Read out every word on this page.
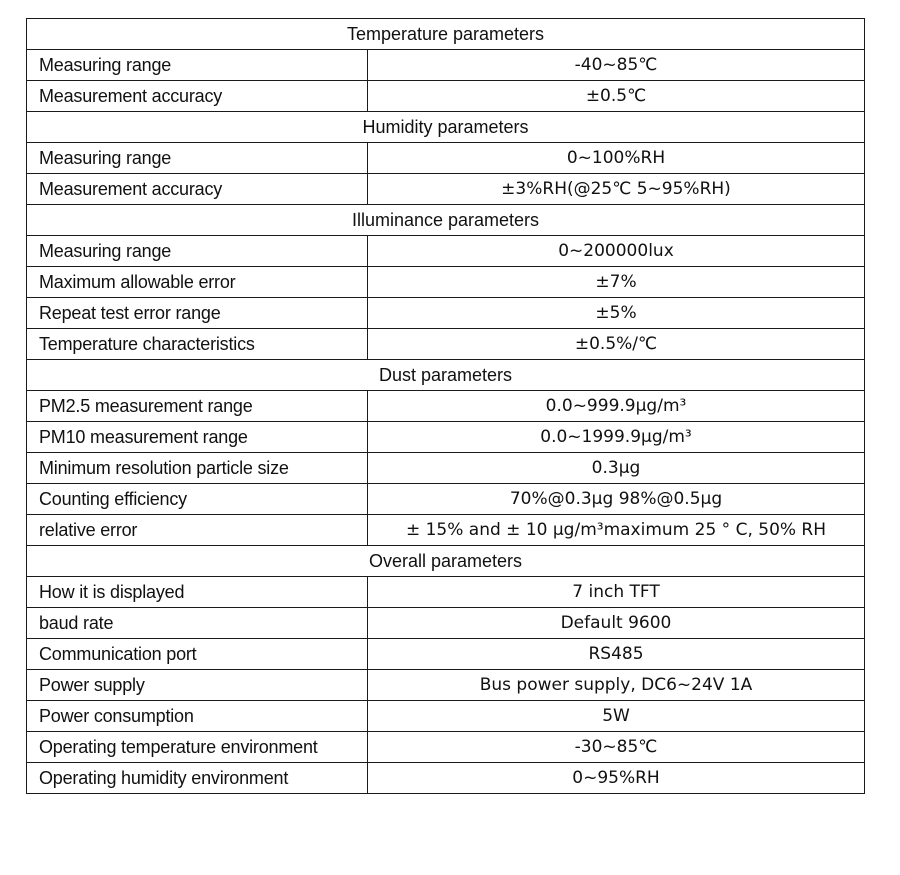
Temperature parameters	
Measuring range	-40~85℃
Measurement accuracy	±0.5℃
Humidity parameters	
Measuring range	0~100%RH
Measurement accuracy	±3%RH(@25℃ 5~95%RH)
Illuminance parameters	
Measuring range	0~200000lux
Maximum allowable error	±7%
Repeat test error range	±5%
Temperature characteristics	±0.5%/℃
Dust parameters	
PM2.5 measurement range	0.0~999.9μg/m³
PM10 measurement range	0.0~1999.9μg/m³
Minimum resolution particle size	0.3μg
Counting efficiency	70%@0.3μg 98%@0.5μg
relative error	± 15% and ± 10 μg/m³maximum 25 ° C, 50% RH
Overall parameters	
How it is displayed	7 inch TFT
baud rate	Default 9600
Communication port	RS485
Power supply	Bus power supply, DC6~24V 1A
Power consumption	5W
Operating temperature environment	-30~85℃
Operating humidity environment	0~95%RH
